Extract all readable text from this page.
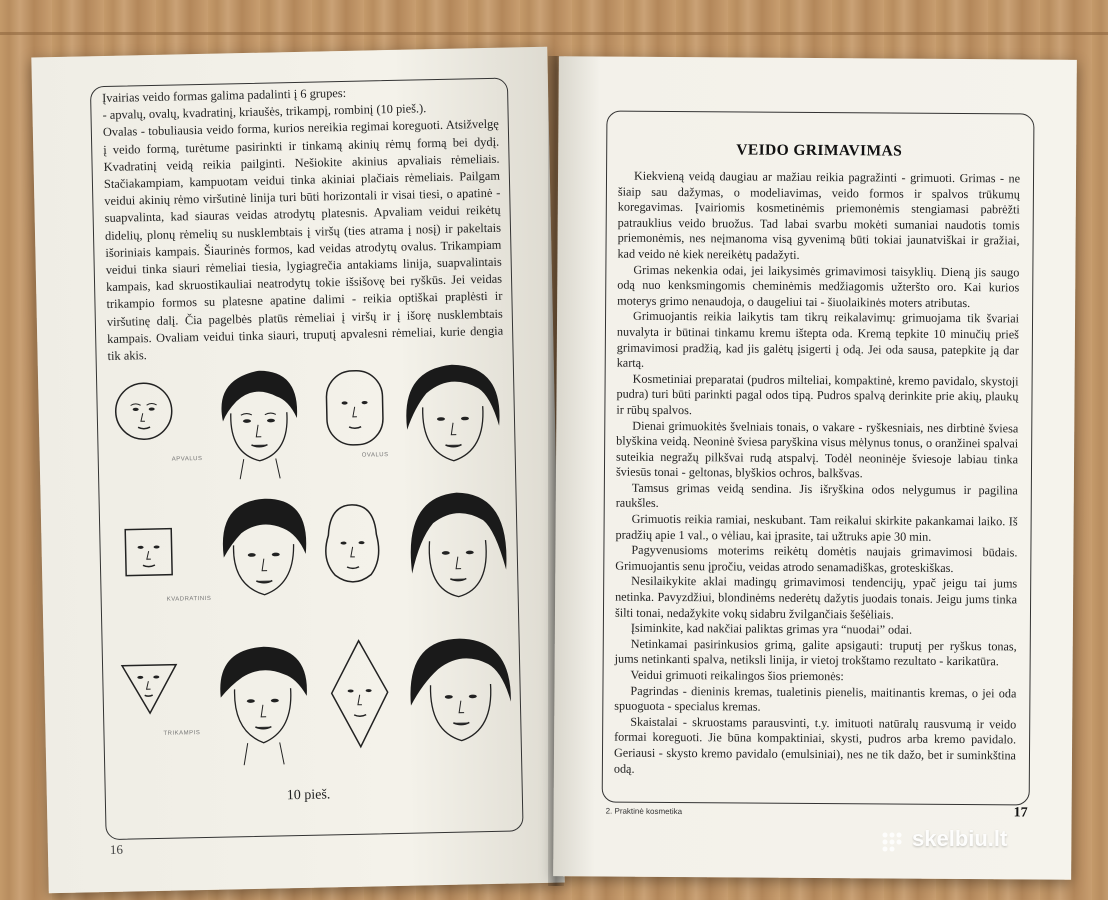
Įvairias veido formas galima padalinti į 6 grupes:

- apvalų, ovalų, kvadratinį, kriaušės, trikampį, rombinį (10 pieš.).

Ovalas - tobuliausia veido forma, kurios nereikia regimai koreguoti. Atsižvelgę į veido formą, turėtume pasirinkti ir tinkamą akinių rėmų formą bei dydį. Kvadratinį veidą reikia pailginti. Nešiokite akinius apvaliais rėmeliais. Stačiakampiam, kampuotam veidui tinka akiniai plačiais rėmeliais. Pailgam veidui akinių rėmo viršutinė linija turi būti horizontali ir visai tiesi, o apatinė - suapvalinta, kad siauras veidas atrodytų platesnis. Apvaliam veidui reikėtų didelių, plonų rėmelių su nusklembtais į viršų (ties atrama į nosį) ir pakeltais išoriniais kampais. Šiaurinės formos, kad veidas atrodytų ovalus. Trikampiam veidui tinka siauri rėmeliai tiesia, lygiagrečia antakiams linija, suapvalintais kampais, kad skruostikauliai neatrodytų tokie išsišovę bei ryškūs. Jei veidas trikampio formos su platesne apatine dalimi - reikia optiškai praplėsti ir viršutinę dalį. Čia pagelbės platūs rėmeliai į viršų ir į išorę nusklembtais kampais. Ovaliam veidui tinka siauri, truputį apvalesni rėmeliai, kurie dengia tik akis.

APVALUS
OVALUS
KVADRATINIS
TRIKAMPIS
10 pieš.
16
VEIDO GRIMAVIMAS

Kiekvieną veidą daugiau ar mažiau reikia pagražinti - grimuoti. Grimas - ne šiaip sau dažymas, o modeliavimas, veido formos ir spalvos trūkumų koregavimas. Įvairiomis kosmetinėmis priemonėmis stengiamasi pabrėžti patrauklius veido bruožus. Tad labai svarbu mokėti sumaniai naudotis tomis priemonėmis, nes neįmanoma visą gyvenimą būti tokiai jaunatviškai ir gražiai, kad veido nė kiek nereikėtų padažyti.

Grimas nekenkia odai, jei laikysimės grimavimosi taisyklių. Dieną jis saugo odą nuo kenksmingomis cheminėmis medžiagomis užteršto oro. Kai kurios moterys grimo nenaudoja, o daugeliui tai - šiuolaikinės moters atributas.

Grimuojantis reikia laikytis tam tikrų reikalavimų: grimuojama tik švariai nuvalyta ir būtinai tinkamu kremu ištepta oda. Kremą tepkite 10 minučių prieš grimavimosi pradžią, kad jis galėtų įsigerti į odą. Jei oda sausa, patepkite ją dar kartą.

Kosmetiniai preparatai (pudros milteliai, kompaktinė, kremo pavidalo, skystoji pudra) turi būti parinkti pagal odos tipą. Pudros spalvą derinkite prie akių, plaukų ir rūbų spalvos.

Dienai grimuokitės švelniais tonais, o vakare - ryškesniais, nes dirbtinė šviesa blyškina veidą. Neoninė šviesa paryškina visus mėlynus tonus, o oranžinei spalvai suteikia negražų pilkšvai rudą atspalvį. Todėl neoninėje šviesoje labiau tinka šviesūs tonai - geltonas, blyškios ochros, balkšvas.

Tamsus grimas veidą sendina. Jis išryškina odos nelygumus ir pagilina raukšles.

Grimuotis reikia ramiai, neskubant. Tam reikalui skirkite pakankamai laiko. Iš pradžių apie 1 val., o vėliau, kai įprasite, tai užtruks apie 30 min.

Pagyvenusioms moterims reikėtų domėtis naujais grimavimosi būdais. Grimuojantis senu įpročiu, veidas atrodo senamadiškas, groteskiškas.

Nesilaikykite aklai madingų grimavimosi tendencijų, ypač jeigu tai jums netinka. Pavyzdžiui, blondinėms nederėtų dažytis juodais tonais. Jeigu jums tinka šilti tonai, nedažykite vokų sidabru žvilgančiais šešėliais.

Įsiminkite, kad nakčiai paliktas grimas yra “nuodai” odai.

Netinkamai pasirinkusios grimą, galite apsigauti: truputį per ryškus tonas, jums netinkanti spalva, netikslі linija, ir vietoj trokštamo rezultato - karikatūra.

Veidui grimuoti reikalingos šios priemonės:

Pagrindas - dieninis kremas, tualetinis pienelis, maitinantis kremas, o jei oda spuoguota - specialus kremas.

Skaistalai - skruostams parausvinti, t.y. imituoti natūralų rausvumą ir veido formai koreguoti. Jie būna kompaktiniai, skysti, pudros arba kremo pavidalo. Geriausi - skysto kremo pavidalo (emulsiniai), nes ne tik dažo, bet ir suminkština odą.

2. Praktinė kosmetika	17
skelbiu.lt
